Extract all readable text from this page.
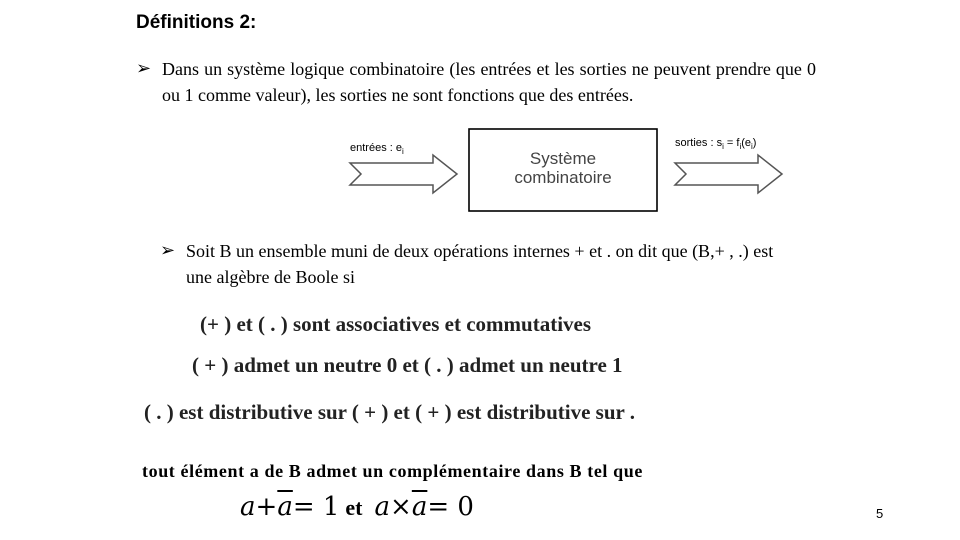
Définitions 2:
➢ Dans un système logique combinatoire (les entrées et les sorties ne peuvent prendre que 0 ou 1 comme valeur), les sorties ne sont fonctions que des entrées.
entrées : $e_i$	Système
combinatoire
sorties : $s_i = f_i(e_i)$
➢ Soit B un ensemble muni de deux opérations internes + et . on dit que (B,+ , .) est une algèbre de Boole si
(+ ) et ( . ) sont associatives et commutatives
( + ) admet un neutre 0 et ( . ) admet un neutre 1
( . ) est distributive sur ( + ) et ( + ) est distributive sur .
tout élément a de B admet un complémentaire dans B tel que
$a + \overline{a} = 1$ et $a \times \overline{a} = 0$	5
